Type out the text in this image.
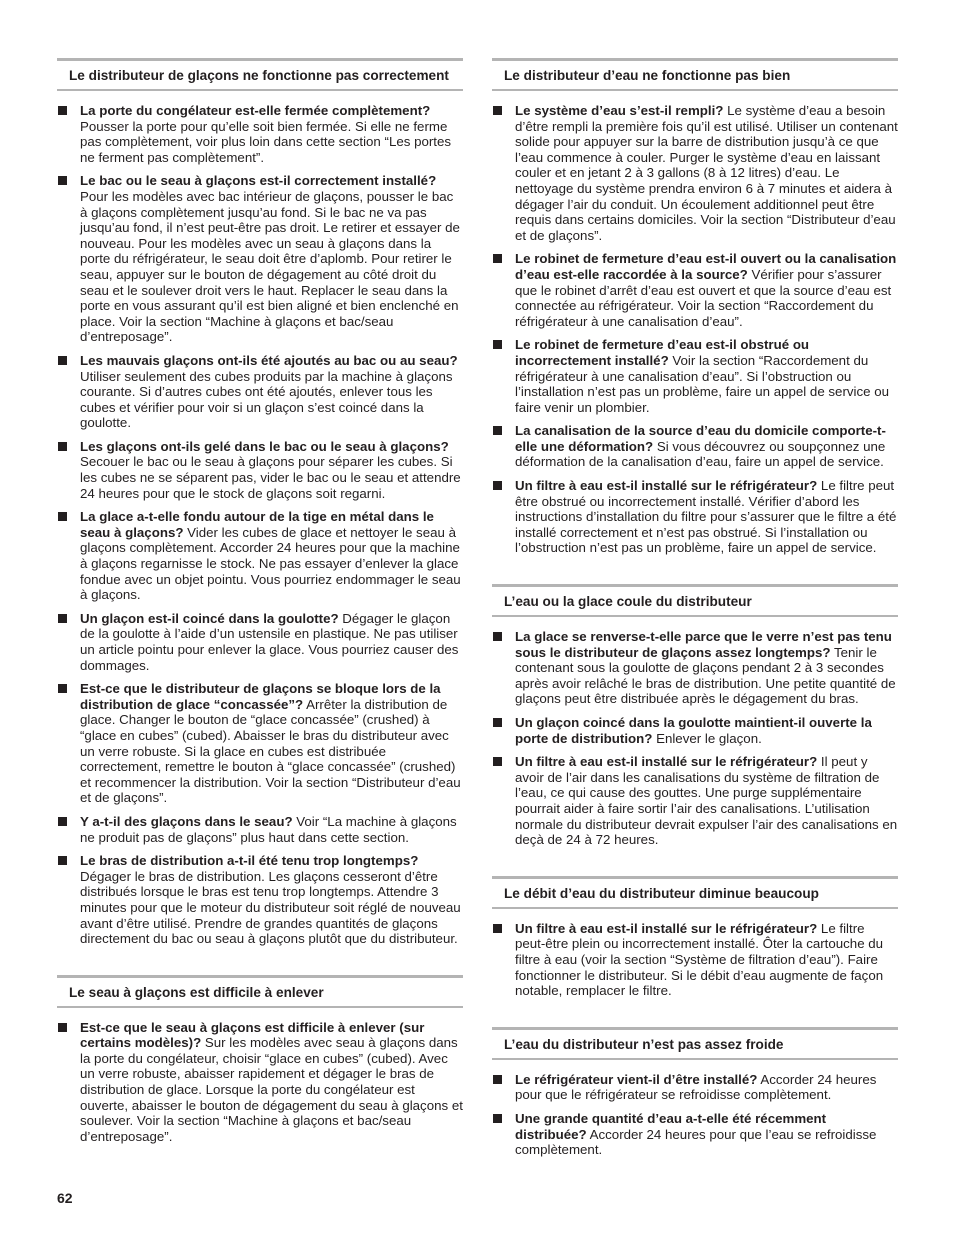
Le distributeur de glaçons ne fonctionne pas correctement
La porte du congélateur est-elle fermée complètement? Pousser la porte pour qu’elle soit bien fermée. Si elle ne ferme pas complètement, voir plus loin dans cette section “Les portes ne ferment pas complètement”.
Le bac ou le seau à glaçons est-il correctement installé? Pour les modèles avec bac intérieur de glaçons, pousser le bac à glaçons complètement jusqu’au fond. Si le bac ne va pas jusqu’au fond, il n’est peut-être pas droit. Le retirer et essayer de nouveau. Pour les modèles avec un seau à glaçons dans la porte du réfrigérateur, le seau doit être d’aplomb. Pour retirer le seau, appuyer sur le bouton de dégagement au côté droit du seau et le soulever droit vers le haut. Replacer le seau dans la porte en vous assurant qu’il est bien aligné et bien enclenché en place. Voir la section “Machine à glaçons et bac/seau d’entreposage”.
Les mauvais glaçons ont-ils été ajoutés au bac ou au seau? Utiliser seulement des cubes produits par la machine à glaçons courante. Si d’autres cubes ont été ajoutés, enlever tous les cubes et vérifier pour voir si un glaçon s’est coincé dans la goulotte.
Les glaçons ont-ils gelé dans le bac ou le seau à glaçons? Secouer le bac ou le seau à glaçons pour séparer les cubes. Si les cubes ne se séparent pas, vider le bac ou le seau et attendre 24 heures pour que le stock de glaçons soit regarni.
La glace a-t-elle fondu autour de la tige en métal dans le seau à glaçons? Vider les cubes de glace et nettoyer le seau à glaçons complètement. Accorder 24 heures pour que la machine à glaçons regarnisse le stock. Ne pas essayer d’enlever la glace fondue avec un objet pointu. Vous pourriez endommager le seau à glaçons.
Un glaçon est-il coincé dans la goulotte? Dégager le glaçon de la goulotte à l’aide d’un ustensile en plastique. Ne pas utiliser un article pointu pour enlever la glace. Vous pourriez causer des dommages.
Est-ce que le distributeur de glaçons se bloque lors de la distribution de glace “concassée”? Arrêter la distribution de glace. Changer le bouton de “glace concassée” (crushed) à “glace en cubes” (cubed). Abaisser le bras du distributeur avec un verre robuste. Si la glace en cubes est distribuée correctement, remettre le bouton à “glace concassée” (crushed) et recommencer la distribution. Voir la section “Distributeur d’eau et de glaçons”.
Y a-t-il des glaçons dans le seau? Voir “La machine à glaçons ne produit pas de glaçons” plus haut dans cette section.
Le bras de distribution a-t-il été tenu trop longtemps? Dégager le bras de distribution. Les glaçons cesseront d’être distribués lorsque le bras est tenu trop longtemps. Attendre 3 minutes pour que le moteur du distributeur soit réglé de nouveau avant d’être utilisé. Prendre de grandes quantités de glaçons directement du bac ou seau à glaçons plutôt que du distributeur.
Le seau à glaçons est difficile à enlever
Est-ce que le seau à glaçons est difficile à enlever (sur certains modèles)? Sur les modèles avec seau à glaçons dans la porte du congélateur, choisir “glace en cubes” (cubed). Avec un verre robuste, abaisser rapidement et dégager le bras de distribution de glace. Lorsque la porte du congélateur est ouverte, abaisser le bouton de dégagement du seau à glaçons et soulever. Voir la section “Machine à glaçons et bac/seau d’entreposage”.
Le distributeur d’eau ne fonctionne pas bien
Le système d’eau s’est-il rempli? Le système d’eau a besoin d’être rempli la première fois qu’il est utilisé. Utiliser un contenant solide pour appuyer sur la barre de distribution jusqu’à ce que l’eau commence à couler. Purger le système d’eau en laissant couler et en jetant 2 à 3 gallons (8 à 12 litres) d’eau. Le nettoyage du système prendra environ 6 à 7 minutes et aidera à dégager l’air du conduit. Un écoulement additionnel peut être requis dans certains domiciles. Voir la section “Distributeur d’eau et de glaçons”.
Le robinet de fermeture d’eau est-il ouvert ou la canalisation d’eau est-elle raccordée à la source? Vérifier pour s’assurer que le robinet d’arrêt d’eau est ouvert et que la source d’eau est connectée au réfrigérateur. Voir la section “Raccordement du réfrigérateur à une canalisation d’eau”.
Le robinet de fermeture d’eau est-il obstrué ou incorrectement installé? Voir la section “Raccordement du réfrigérateur à une canalisation d’eau”. Si l’obstruction ou l’installation n’est pas un problème, faire un appel de service ou faire venir un plombier.
La canalisation de la source d’eau du domicile comporte-t-elle une déformation? Si vous découvrez ou soupçonnez une déformation de la canalisation d’eau, faire un appel de service.
Un filtre à eau est-il installé sur le réfrigérateur? Le filtre peut être obstrué ou incorrectement installé. Vérifier d’abord les instructions d’installation du filtre pour s’assurer que le filtre a été installé correctement et n’est pas obstrué. Si l’installation ou l’obstruction n’est pas un problème, faire un appel de service.
L’eau ou la glace coule du distributeur
La glace se renverse-t-elle parce que le verre n’est pas tenu sous le distributeur de glaçons assez longtemps? Tenir le contenant sous la goulotte de glaçons pendant 2 à 3 secondes après avoir relâché le bras de distribution. Une petite quantité de glaçons peut être distribuée après le dégagement du bras.
Un glaçon coincé dans la goulotte maintient-il ouverte la porte de distribution? Enlever le glaçon.
Un filtre à eau est-il installé sur le réfrigérateur? Il peut y avoir de l’air dans les canalisations du système de filtration de l’eau, ce qui cause des gouttes. Une purge supplémentaire pourrait aider à faire sortir l’air des canalisations. L’utilisation normale du distributeur devrait expulser l’air des canalisations en deçà de 24 à 72 heures.
Le débit d’eau du distributeur diminue beaucoup
Un filtre à eau est-il installé sur le réfrigérateur? Le filtre peut-être plein ou incorrectement installé. Ôter la cartouche du filtre à eau (voir la section “Système de filtration d’eau”). Faire fonctionner le distributeur. Si le débit d’eau augmente de façon notable, remplacer le filtre.
L’eau du distributeur n’est pas assez froide
Le réfrigérateur vient-il d’être installé? Accorder 24 heures pour que le réfrigérateur se refroidisse complètement.
Une grande quantité d’eau a-t-elle été récemment distribuée? Accorder 24 heures pour que l’eau se refroidisse complètement.
62
